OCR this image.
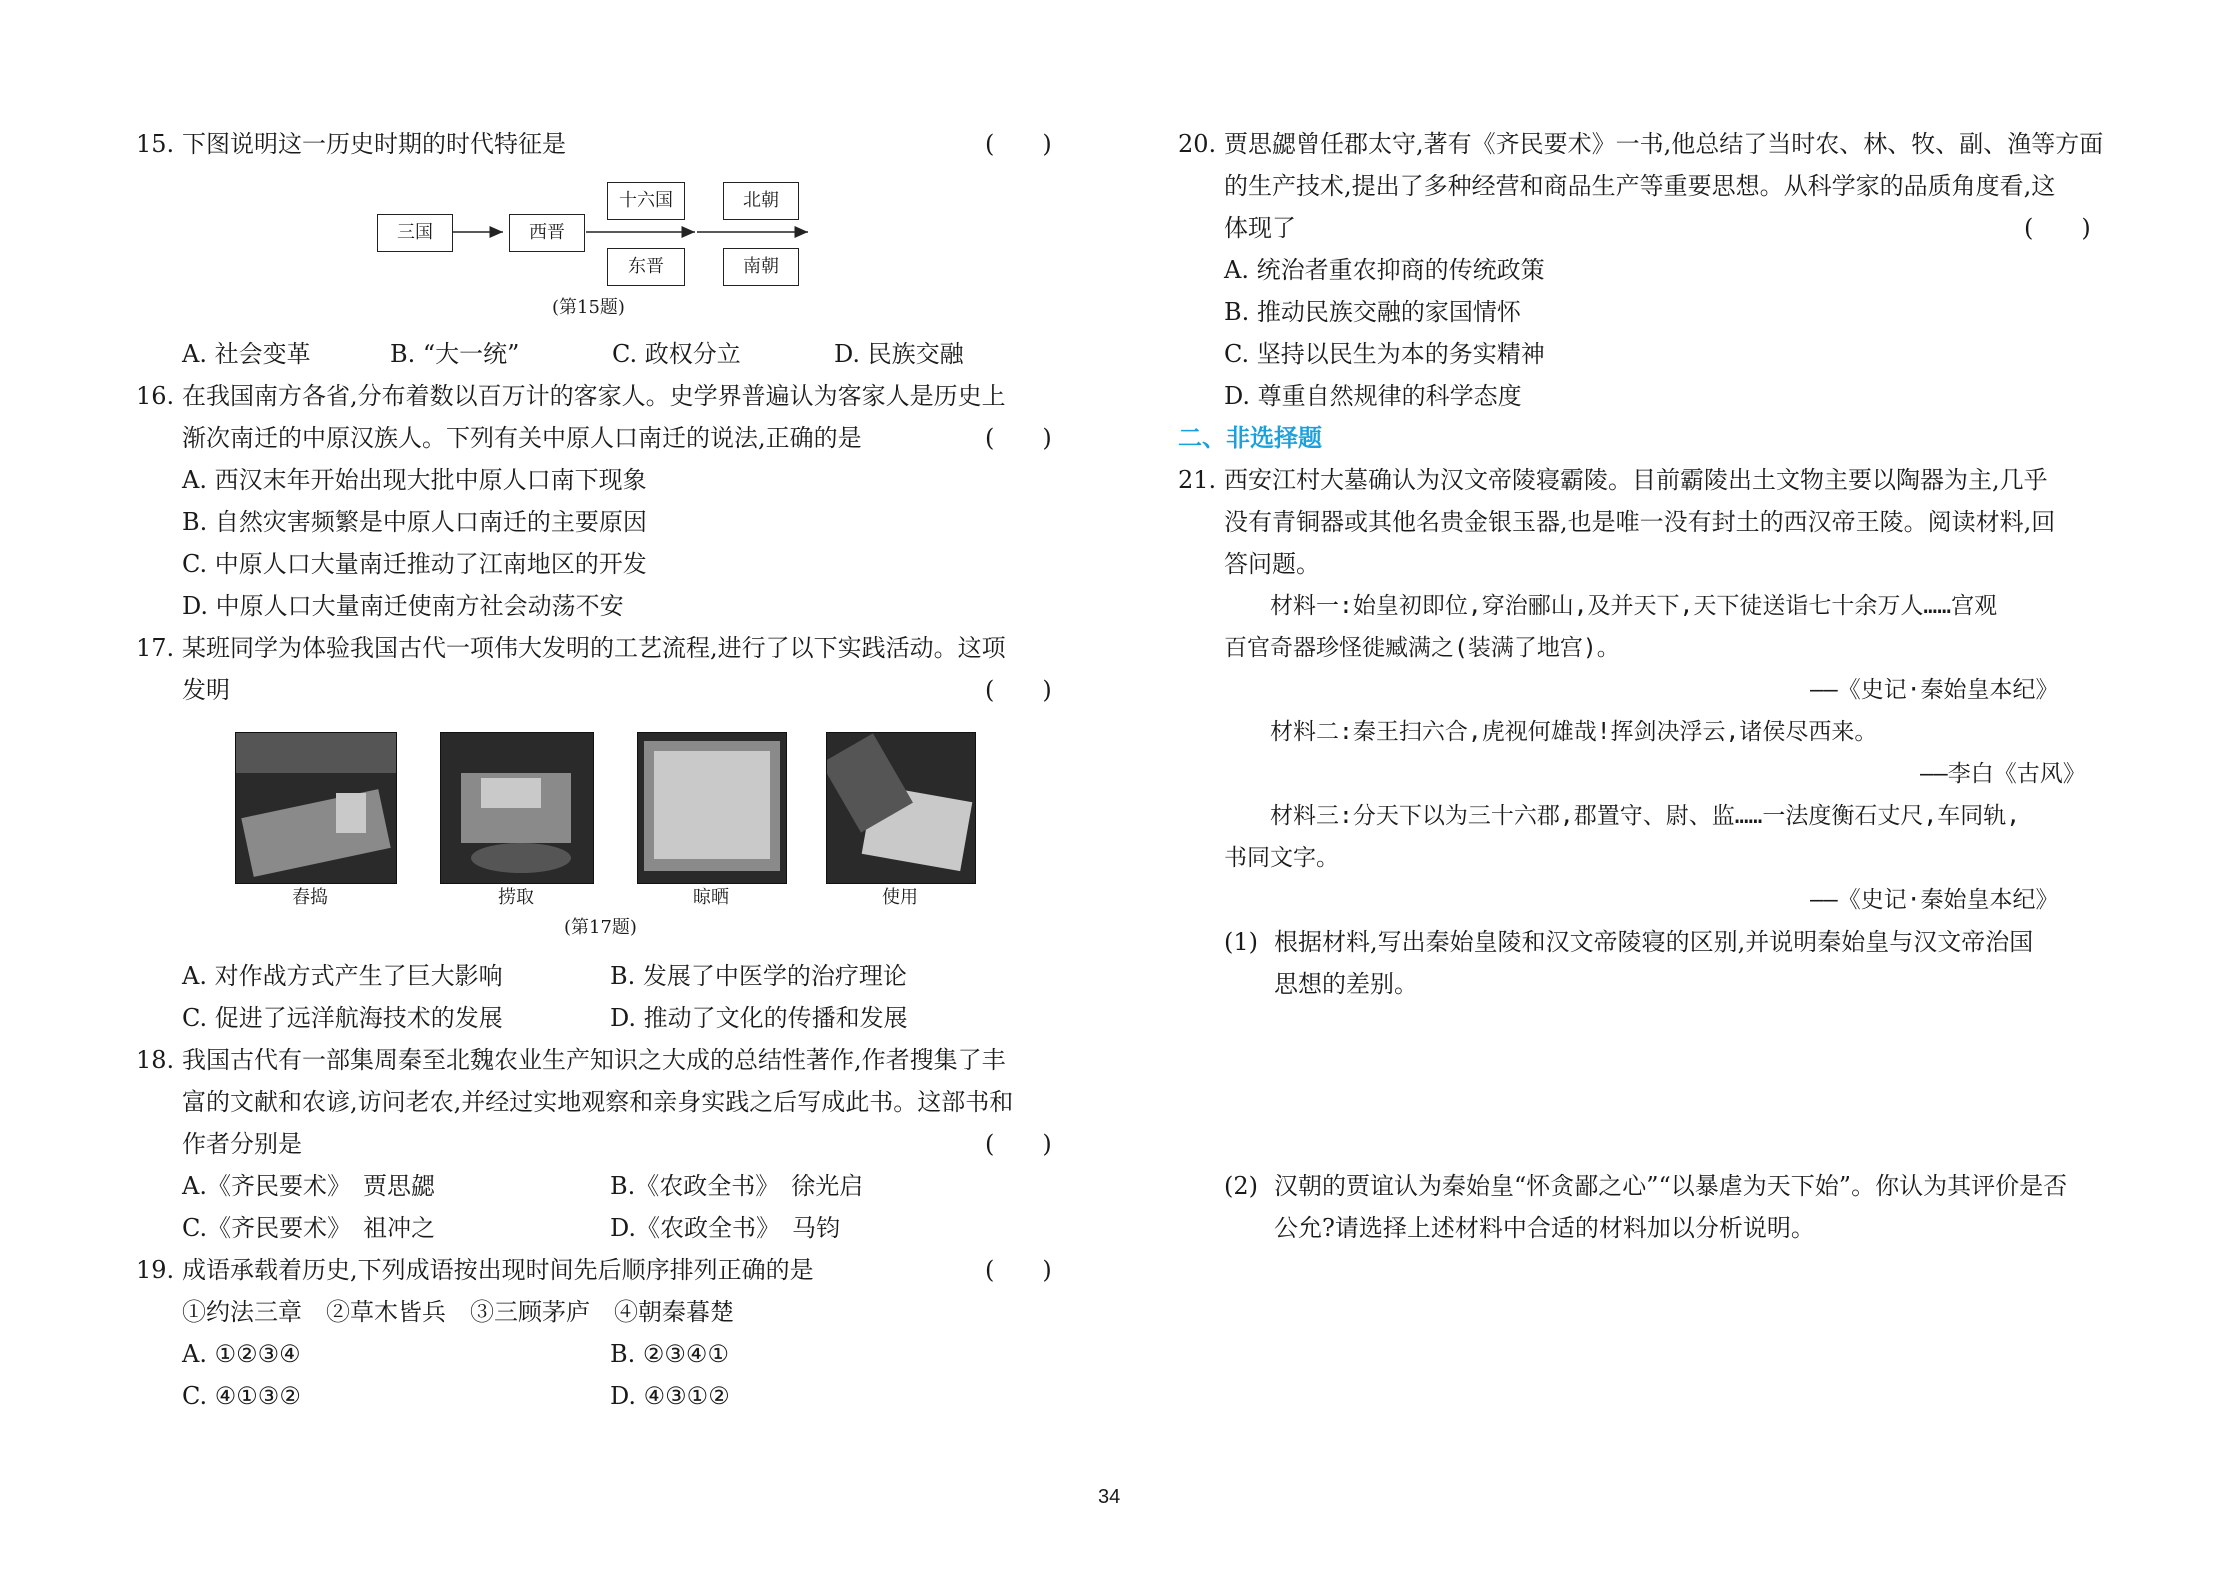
15. 下图说明这一历史时期的时代特征是	(　　)
三国	西晋
十六国
东晋
北朝
南朝
(第15题)
A. 社会变革	B. “大一统”	C. 政权分立	D. 民族交融
16. 在我国南方各省,分布着数以百万计的客家人。史学界普遍认为客家人是历史上
渐次南迁的中原汉族人。下列有关中原人口南迁的说法,正确的是	(　　)
A. 西汉末年开始出现大批中原人口南下现象
B. 自然灾害频繁是中原人口南迁的主要原因
C. 中原人口大量南迁推动了江南地区的开发
D. 中原人口大量南迁使南方社会动荡不安
17. 某班同学为体验我国古代一项伟大发明的工艺流程,进行了以下实践活动。这项
发明	(　　)
舂捣	捞取	晾晒	使用
(第17题)
A. 对作战方式产生了巨大影响	B. 发展了中医学的治疗理论
C. 促进了远洋航海技术的发展	D. 推动了文化的传播和发展
18. 我国古代有一部集周秦至北魏农业生产知识之大成的总结性著作,作者搜集了丰
富的文献和农谚,访问老农,并经过实地观察和亲身实践之后写成此书。这部书和
作者分别是	(　　)
A.《齐民要术》　贾思勰	B.《农政全书》　徐光启
C.《齐民要术》　祖冲之	D.《农政全书》　马钧
19. 成语承载着历史,下列成语按出现时间先后顺序排列正确的是	(　　)
①约法三章　②草木皆兵　③三顾茅庐　④朝秦暮楚
A. ①②③④	B. ②③④①
C. ④①③②	D. ④③①②
20. 贾思勰曾任郡太守,著有《齐民要术》一书,他总结了当时农、林、牧、副、渔等方面
的生产技术,提出了多种经营和商品生产等重要思想。从科学家的品质角度看,这
体现了	(　　)
A. 统治者重农抑商的传统政策
B. 推动民族交融的家国情怀
C. 坚持以民生为本的务实精神
D. 尊重自然规律的科学态度
二、非选择题
21. 西安江村大墓确认为汉文帝陵寝霸陵。目前霸陵出土文物主要以陶器为主,几乎
没有青铜器或其他名贵金银玉器,也是唯一没有封土的西汉帝王陵。阅读材料,回
答问题。
材料一:始皇初即位,穿治郦山,及并天下,天下徒送诣七十余万人……宫观
百官奇器珍怪徙臧满之(装满了地宫)。
——《史记·秦始皇本纪》
材料二:秦王扫六合,虎视何雄哉!挥剑决浮云,诸侯尽西来。
——李白《古风》
材料三:分天下以为三十六郡,郡置守、尉、监……一法度衡石丈尺,车同轨,
书同文字。
——《史记·秦始皇本纪》
(1) 根据材料,写出秦始皇陵和汉文帝陵寝的区别,并说明秦始皇与汉文帝治国
思想的差别。
(2) 汉朝的贾谊认为秦始皇“怀贪鄙之心”“以暴虐为天下始”。你认为其评价是否
公允?请选择上述材料中合适的材料加以分析说明。
34
